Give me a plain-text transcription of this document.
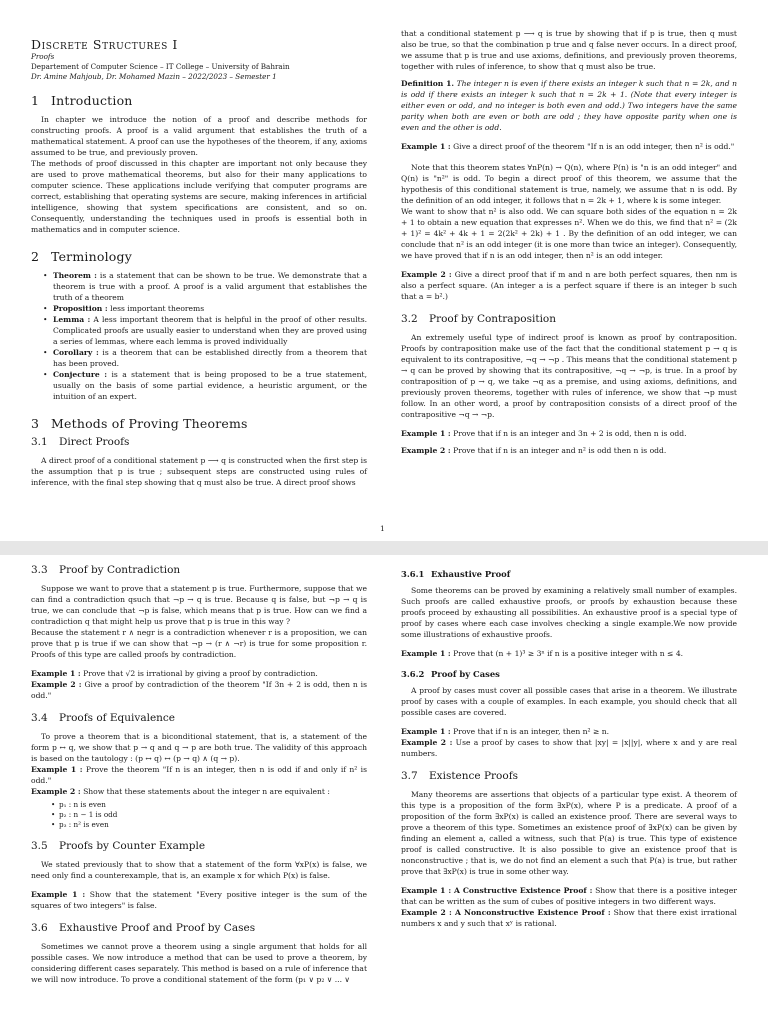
Discrete Structures I
Proofs
Departement of Computer Science – IT College – University of Bahrain
Dr. Amine Mahjoub, Dr. Mohamed Mazin – 2022/2023 – Semester 1
1 Introduction

In chapter we introduce the notion of a proof and describe methods for constructing proofs. A proof is a valid argument that establishes the truth of a mathematical statement. A proof can use the hypotheses of the theorem, if any, axioms assumed to be true, and previously proven.

The methods of proof discussed in this chapter are important not only because they are used to prove mathematical theorems, but also for their many applications to computer science. These applications include verifying that computer programs are correct, establishing that operating systems are secure, making inferences in artificial intelligence, showing that system specifications are consistent, and so on. Consequently, understanding the techniques used in proofs is essential both in mathematics and in computer science.

2 Terminology
• Theorem : is a statement that can be shown to be true. We demonstrate that a theorem is true with a proof. A proof is a valid argument that establishes the truth of a theorem
• Proposition : less important theorems
• Lemma : A less important theorem that is helpful in the proof of other results. Complicated proofs are usually easier to understand when they are proved using a series of lemmas, where each lemma is proved individually
• Corollary : is a theorem that can be established directly from a theorem that has been proved.
• Conjecture : is a statement that is being proposed to be a true statement, usually on the basis of some partial evidence, a heuristic argument, or the intuition of an expert.
3 Methods of Proving Theorems
3.1 Direct Proofs

A direct proof of a conditional statement p ⟶ q is constructed when the first step is the assumption that p is true ; subsequent steps are constructed using rules of inference, with the final step showing that q must also be true. A direct proof shows

that a conditional statement p ⟶ q is true by showing that if p is true, then q must also be true, so that the combination p true and q false never occurs. In a direct proof, we assume that p is true and use axioms, definitions, and previously proven theorems, together with rules of inference, to show that q must also be true.

Definition 1. The integer n is even if there exists an integer k such that n = 2k, and n is odd if there exists an integer k such that n = 2k + 1. (Note that every integer is either even or odd, and no integer is both even and odd.) Two integers have the same parity when both are even or both are odd ; they have opposite parity when one is even and the other is odd.

Example 1 : Give a direct proof of the theorem "If n is an odd integer, then n² is odd."

Note that this theorem states ∀nP(n) → Q(n), where P(n) is "n is an odd integer" and Q(n) is "n²" is odd. To begin a direct proof of this theorem, we assume that the hypothesis of this conditional statement is true, namely, we assume that n is odd. By the definition of an odd integer, it follows that n = 2k + 1, where k is some integer.

We want to show that n² is also odd. We can square both sides of the equation n = 2k + 1 to obtain a new equation that expresses n². When we do this, we find that n² = (2k + 1)² = 4k² + 4k + 1 = 2(2k² + 2k) + 1 . By the definition of an odd integer, we can conclude that n² is an odd integer (it is one more than twice an integer). Consequently, we have proved that if n is an odd integer, then n² is an odd integer.

Example 2 : Give a direct proof that if m and n are both perfect squares, then nm is also a perfect square. (An integer a is a perfect square if there is an integer b such that a = b².)

3.2 Proof by Contraposition

An extremely useful type of indirect proof is known as proof by contraposition. Proofs by contraposition make use of the fact that the conditional statement p → q is equivalent to its contrapositive, ¬q → ¬p . This means that the conditional statement p → q can be proved by showing that its contrapositive, ¬q → ¬p, is true. In a proof by contraposition of p → q, we take ¬q as a premise, and using axioms, definitions, and previously proven theorems, together with rules of inference, we show that ¬p must follow. In an other word, a proof by contraposition consists of a direct proof of the contrapositive ¬q → ¬p.

Example 1 : Prove that if n is an integer and 3n + 2 is odd, then n is odd.

Example 2 : Prove that if n is an integer and n² is odd then n is odd.

1
3.3 Proof by Contradiction

Suppose we want to prove that a statement p is true. Furthermore, suppose that we can find a contradiction qsuch that ¬p → q is true. Because q is false, but ¬p → q is true, we can conclude that ¬p is false, which means that p is true. How can we find a contradiction q that might help us prove that p is true in this way ?

Because the statement r ∧ negr is a contradiction whenever r is a proposition, we can prove that p is true if we can show that ¬p → (r ∧ ¬r) is true for some proposition r. Proofs of this type are called proofs by contradiction.

Example 1 : Prove that √2 is irrational by giving a proof by contradiction.

Example 2 : Give a proof by contradiction of the theorem "If 3n + 2 is odd, then n is odd."

3.4 Proofs of Equivalence

To prove a theorem that is a biconditional statement, that is, a statement of the form p ↔ q, we show that p → q and q → p are both true. The validity of this approach is based on the tautology : (p ↔ q) ↔ (p → q) ∧ (q → p).

Example 1 : Prove the theorem "If n is an integer, then n is odd if and only if n² is odd."

Example 2 : Show that these statements about the integer n are equivalent :

• p₁ : n is even
• p₂ : n − 1 is odd
• p₃ : n² is even
3.5 Proofs by Counter Example

We stated previously that to show that a statement of the form ∀xP(x) is false, we need only find a counterexample, that is, an example x for which P(x) is false.

Example 1 : Show that the statement "Every positive integer is the sum of the squares of two integers" is false.

3.6 Exhaustive Proof and Proof by Cases

Sometimes we cannot prove a theorem using a single argument that holds for all possible cases. We now introduce a method that can be used to prove a theorem, by considering different cases separately. This method is based on a rule of inference that we will now introduce. To prove a conditional statement of the form (p₁ ∨ p₂ ∨ ... ∨

3.6.1 Exhaustive Proof

Some theorems can be proved by examining a relatively small number of examples. Such proofs are called exhaustive proofs, or proofs by exhaustion because these proofs proceed by exhausting all possibilities. An exhaustive proof is a special type of proof by cases where each case involves checking a single example.We now provide some illustrations of exhaustive proofs.

Example 1 : Prove that (n + 1)³ ≥ 3ⁿ if n is a positive integer with n ≤ 4.

3.6.2 Proof by Cases

A proof by cases must cover all possible cases that arise in a theorem. We illustrate proof by cases with a couple of examples. In each example, you should check that all possible cases are covered.

Example 1 : Prove that if n is an integer, then n² ≥ n.

Example 2 : Use a proof by cases to show that |xy| = |x||y|, where x and y are real numbers.

3.7 Existence Proofs

Many theorems are assertions that objects of a particular type exist. A theorem of this type is a proposition of the form ∃xP(x), where P is a predicate. A proof of a proposition of the form ∃xP(x) is called an existence proof. There are several ways to prove a theorem of this type. Sometimes an existence proof of ∃xP(x) can be given by finding an element a, called a witness, such that P(a) is true. This type of existence proof is called constructive. It is also possible to give an existence proof that is nonconstructive ; that is, we do not find an element a such that P(a) is true, but rather prove that ∃xP(x) is true in some other way.

Example 1 : A Constructive Existence Proof : Show that there is a positive integer that can be written as the sum of cubes of positive integers in two different ways.

Example 2 : A Nonconstructive Existence Proof : Show that there exist irrational numbers x and y such that xʸ is rational.
